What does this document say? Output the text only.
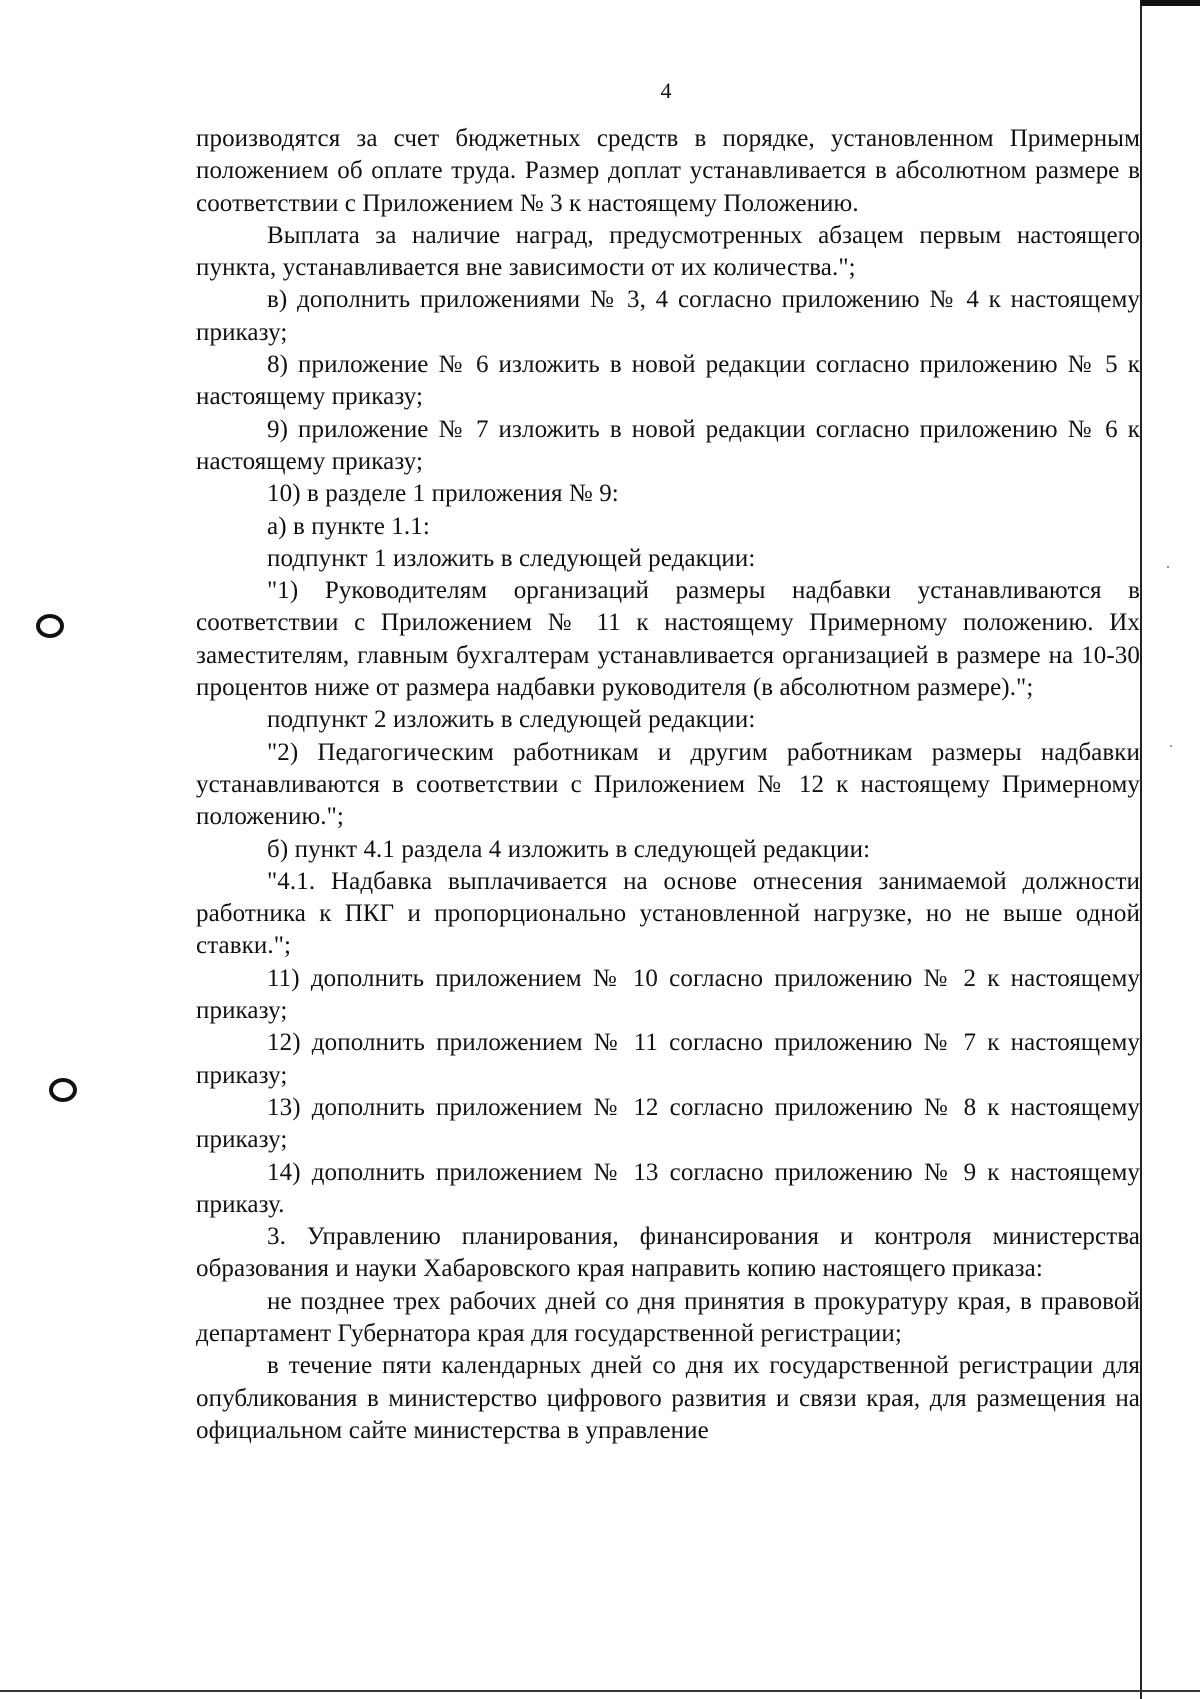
4

производятся за счет бюджетных средств в порядке, установленном Примерным положением об оплате труда. Размер доплат устанавливается в абсолютном размере в соответствии с Приложением № 3 к настоящему Положению.

Выплата за наличие наград, предусмотренных абзацем первым настоящего пункта, устанавливается вне зависимости от их количества.";

в) дополнить приложениями № 3, 4 согласно приложению № 4 к настоящему приказу;

8) приложение № 6 изложить в новой редакции согласно приложению № 5 к настоящему приказу;

9) приложение № 7 изложить в новой редакции согласно приложению № 6 к настоящему приказу;

10) в разделе 1 приложения № 9:

а) в пункте 1.1:

подпункт 1 изложить в следующей редакции:

"1) Руководителям организаций размеры надбавки устанавливаются в соответствии с Приложением № 11 к настоящему Примерному положению. Их заместителям, главным бухгалтерам устанавливается организацией в размере на 10-30 процентов ниже от размера надбавки руководителя (в абсолютном размере).";

подпункт 2 изложить в следующей редакции:

"2) Педагогическим работникам и другим работникам размеры надбавки устанавливаются в соответствии с Приложением № 12 к настоящему Примерному положению.";

б) пункт 4.1 раздела 4 изложить в следующей редакции:

"4.1. Надбавка выплачивается на основе отнесения занимаемой должности работника к ПКГ и пропорционально установленной нагрузке, но не выше одной ставки.";

11) дополнить приложением № 10 согласно приложению № 2 к настоящему приказу;

12) дополнить приложением № 11 согласно приложению № 7 к настоящему приказу;

13) дополнить приложением № 12 согласно приложению № 8 к настоящему приказу;

14) дополнить приложением № 13 согласно приложению № 9 к настоящему приказу.

3. Управлению планирования, финансирования и контроля министерства образования и науки Хабаровского края направить копию настоящего приказа:

не позднее трех рабочих дней со дня принятия в прокуратуру края, в правовой департамент Губернатора края для государственной регистрации;

в течение пяти календарных дней со дня их государственной регистрации для опубликования в министерство цифрового развития и связи края, для размещения на официальном сайте министерства в управление
